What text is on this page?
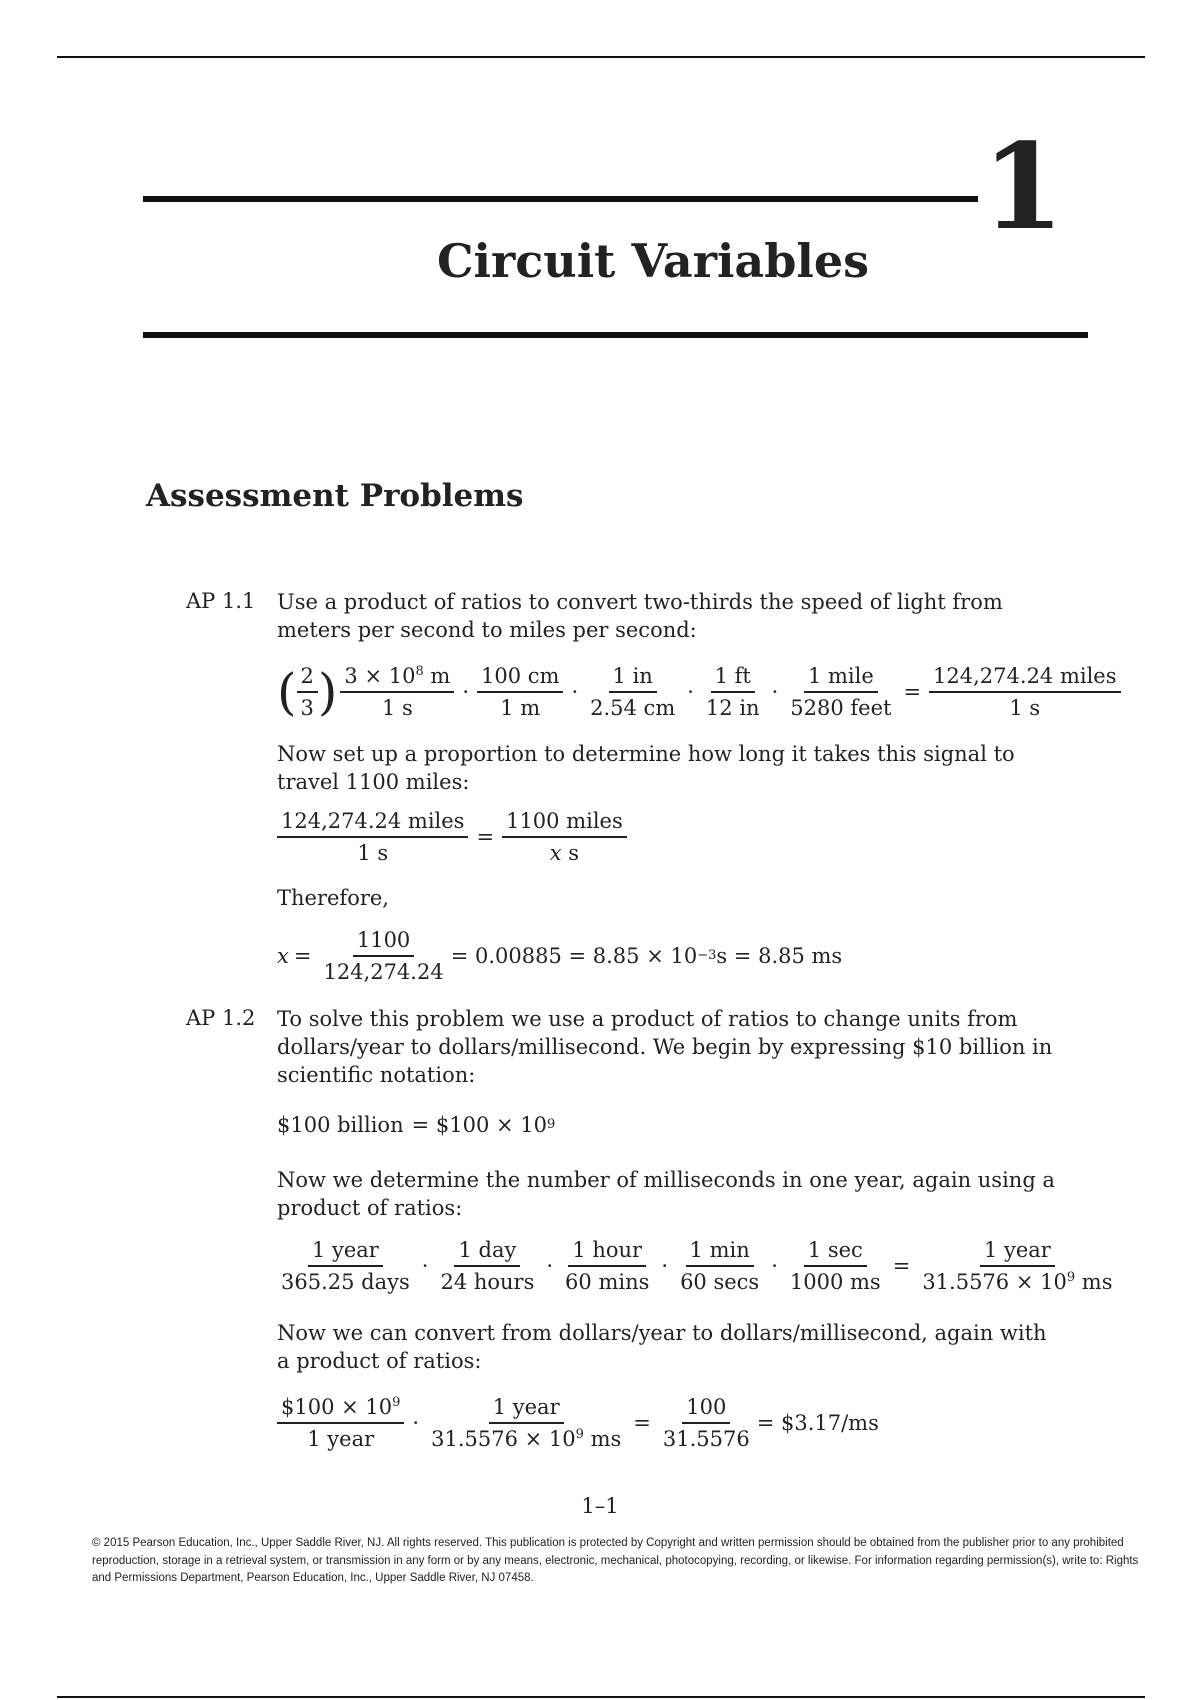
1
Circuit Variables
Assessment Problems
AP 1.1 Use a product of ratios to convert two-thirds the speed of light from meters per second to miles per second:
( $\frac{2}{3}$ ) $\frac{3 \times 10^8 m}{1 s} \cdot \frac{100 cm}{1 m} \cdot \frac{1 in}{2.54 cm} \cdot \frac{1 ft}{12 in} \cdot \frac{\text{1 mile}}{\text{5280 feet}} = \frac{\text{124,274.24 miles}}{1 s}$
Now set up a proportion to determine how long it takes this signal to travel 1100 miles:
$\frac{\text{124,274.24 miles}}{1 s} = \frac{\text{1100 miles}}{\text{x s}}$
Therefore,
$x = \frac{1100}{124,274.24} = 0.00885 = 8.85 \times 10 -3$ s = 8.85 ms
AP 1.2 To solve this problem we use a product of ratios to change units from dollars/year to dollars/millisecond. We begin by expressing $10 billion in scientific notation:
$100 billion = $100 × 10 9
Now we determine the number of milliseconds in one year, again using a product of ratios:
$\frac{\text{1 year}}{\text{365.25 days}} \cdot \frac{\text{1 day}}{\text{24 hours}} \cdot \frac{\text{1 hour}}{60 \min s} \cdot \frac{1 \min}{60 \sec s} \cdot \frac{1 \sec}{1000 ms} = \frac{\text{1 year}}{31.5576 \times 10^9 ms}$
Now we can convert from dollars/year to dollars/millisecond, again with a product of ratios:
$\frac{\$100 \times 10^9}{\text{1 year}} \cdot \frac{\text{1 year}}{31.5576 \times 10^9 ms} = \frac{100}{31.5576}$ = $3.17/ms
1–1
© 2015 Pearson Education, Inc., Upper Saddle River, NJ. All rights reserved. This publication is protected by Copyright and written permission should be obtained from the publisher prior to any prohibited reproduction, storage in a retrieval system, or transmission in any form or by any means, electronic, mechanical, photocopying, recording, or likewise. For information regarding permission(s), write to: Rights and Permissions Department, Pearson Education, Inc., Upper Saddle River, NJ 07458.
